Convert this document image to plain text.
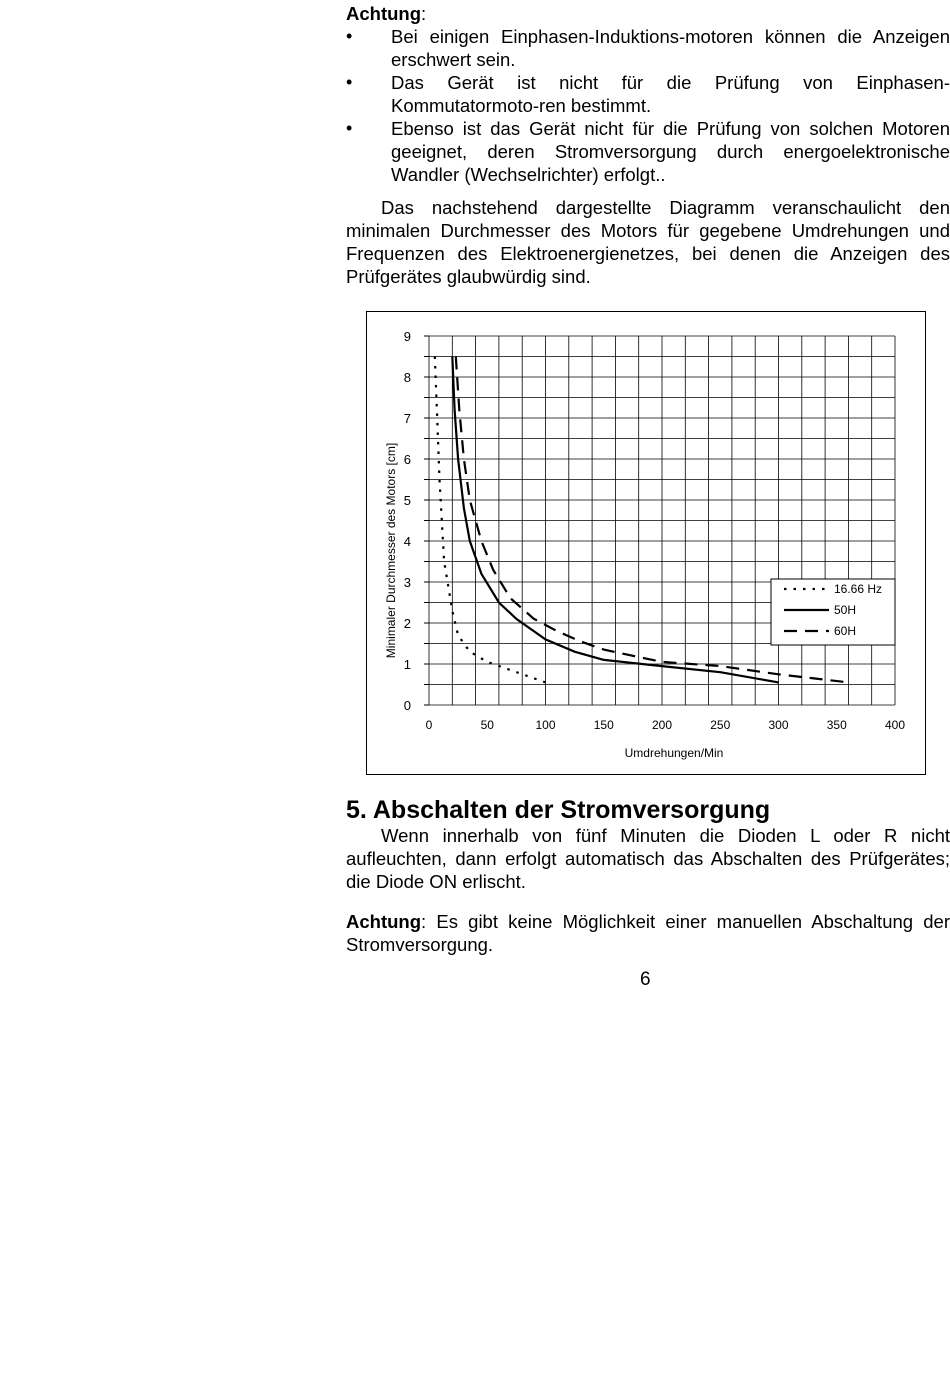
Achtung:
• Bei einigen Einphasen-Induktions-motoren können die Anzeigen erschwert sein.
• Das Gerät ist nicht für die Prüfung von Einphasen-Kommutatormoto-ren bestimmt.
• Ebenso ist das Gerät nicht für die Prüfung von solchen Motoren geeignet, deren Stromversorgung durch energoelektronische Wandler (Wechselrichter) erfolgt..

Das nachstehend dargestellte Diagramm veranschaulicht den minimalen Durchmesser des Motors für gegebene Umdrehungen und Frequenzen des Elektroenergienetzes, bei denen die Anzeigen des Prüfgerätes glaubwürdig sind.

0	50	100	150	200	250	300	350	400
0
1
2
3
4
5
6
7
8
9
Umdrehungen/Min
Minimaler Durchmesser des Motors [cm]	16.66 Hz
50H
60H
5. Abschalten der Stromversorgung

Wenn innerhalb von fünf Minuten die Dioden L oder R nicht aufleuchten, dann erfolgt automatisch das Abschalten des Prüfgerätes; die Diode ON erlischt.

Achtung: Es gibt keine Möglichkeit einer manuellen Abschaltung der Stromversorgung.

6
